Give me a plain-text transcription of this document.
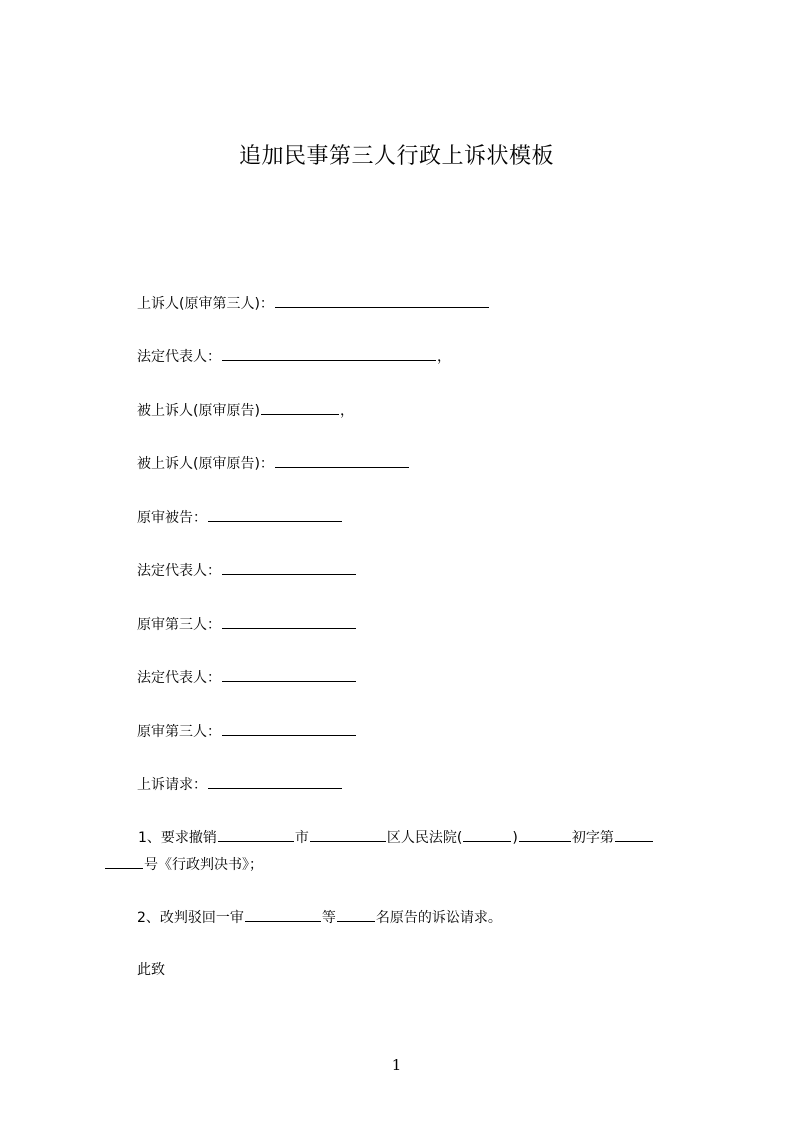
追加民事第三人行政上诉状模板
上诉人(原审第三人)：
法定代表人：	，
被上诉人(原审原告)	，
被上诉人(原审原告)：
原审被告：
法定代表人：
原审第三人：
法定代表人：
原审第三人：
上诉请求：
1、要求撤销	市	区人民法院(	)	初字第
号《行政判决书》；
2、改判驳回一审	等	名原告的诉讼请求。
此致
1
